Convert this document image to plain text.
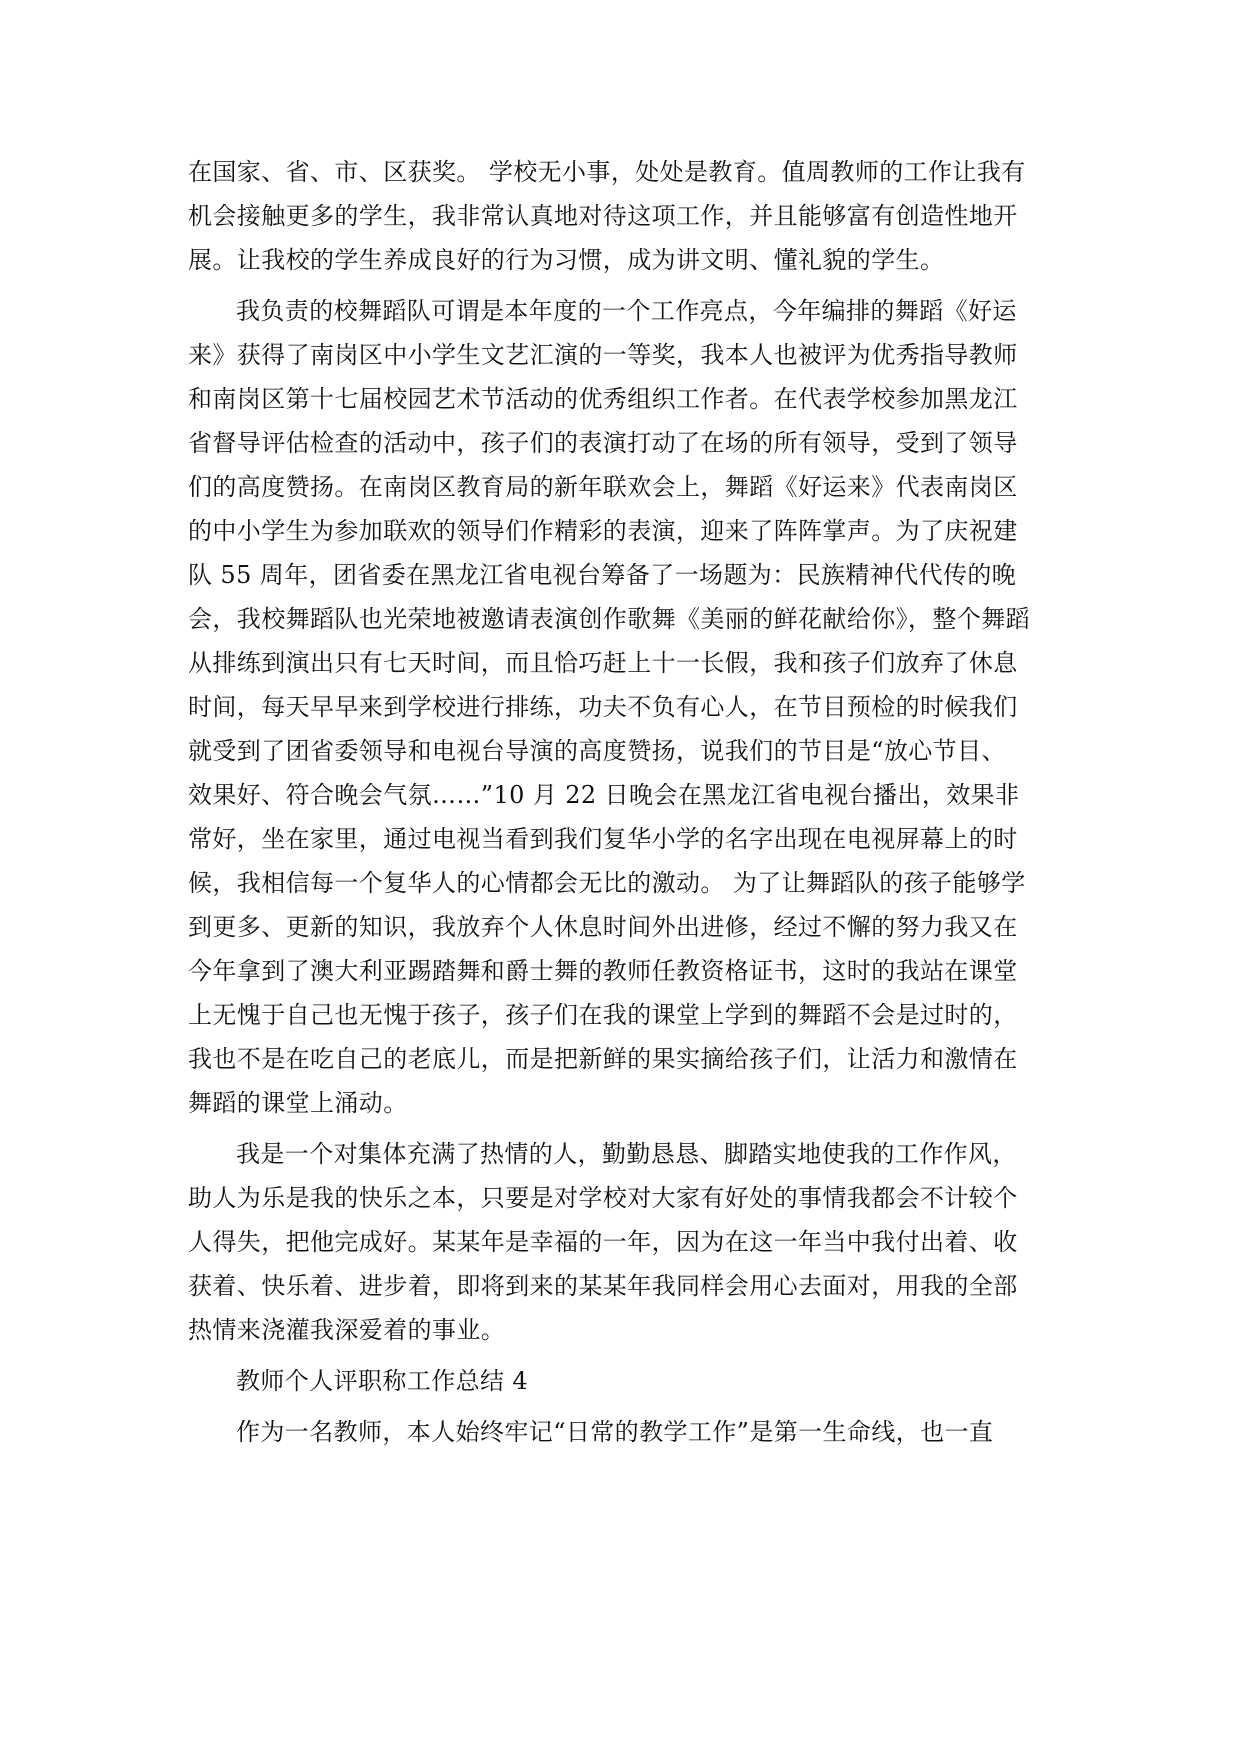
在国家、省、市、区获奖。 学校无小事，处处是教育。值周教师的工作让我有
机会接触更多的学生，我非常认真地对待这项工作，并且能够富有创造性地开
展。让我校的学生养成良好的行为习惯，成为讲文明、懂礼貌的学生。
我负责的校舞蹈队可谓是本年度的一个工作亮点，今年编排的舞蹈《好运
来》获得了南岗区中小学生文艺汇演的一等奖，我本人也被评为优秀指导教师
和南岗区第十七届校园艺术节活动的优秀组织工作者。在代表学校参加黑龙江
省督导评估检查的活动中，孩子们的表演打动了在场的所有领导，受到了领导
们的高度赞扬。在南岗区教育局的新年联欢会上，舞蹈《好运来》代表南岗区
的中小学生为参加联欢的领导们作精彩的表演，迎来了阵阵掌声。为了庆祝建
队 55 周年，团省委在黑龙江省电视台筹备了一场题为：民族精神代代传的晚
会，我校舞蹈队也光荣地被邀请表演创作歌舞《美丽的鲜花献给你》，整个舞蹈
从排练到演出只有七天时间，而且恰巧赶上十一长假，我和孩子们放弃了休息
时间，每天早早来到学校进行排练，功夫不负有心人，在节目预检的时候我们
就受到了团省委领导和电视台导演的高度赞扬，说我们的节目是“放心节目、
效果好、符合晚会气氛……”10 月 22 日晚会在黑龙江省电视台播出，效果非
常好，坐在家里，通过电视当看到我们复华小学的名字出现在电视屏幕上的时
候，我相信每一个复华人的心情都会无比的激动。 为了让舞蹈队的孩子能够学
到更多、更新的知识，我放弃个人休息时间外出进修，经过不懈的努力我又在
今年拿到了澳大利亚踢踏舞和爵士舞的教师任教资格证书，这时的我站在课堂
上无愧于自己也无愧于孩子，孩子们在我的课堂上学到的舞蹈不会是过时的，
我也不是在吃自己的老底儿，而是把新鲜的果实摘给孩子们，让活力和激情在
舞蹈的课堂上涌动。
我是一个对集体充满了热情的人，勤勤恳恳、脚踏实地使我的工作作风，
助人为乐是我的快乐之本，只要是对学校对大家有好处的事情我都会不计较个
人得失，把他完成好。某某年是幸福的一年，因为在这一年当中我付出着、收
获着、快乐着、进步着，即将到来的某某年我同样会用心去面对，用我的全部
热情来浇灌我深爱着的事业。
教师个人评职称工作总结 4
作为一名教师，本人始终牢记“日常的教学工作”是第一生命线，也一直
